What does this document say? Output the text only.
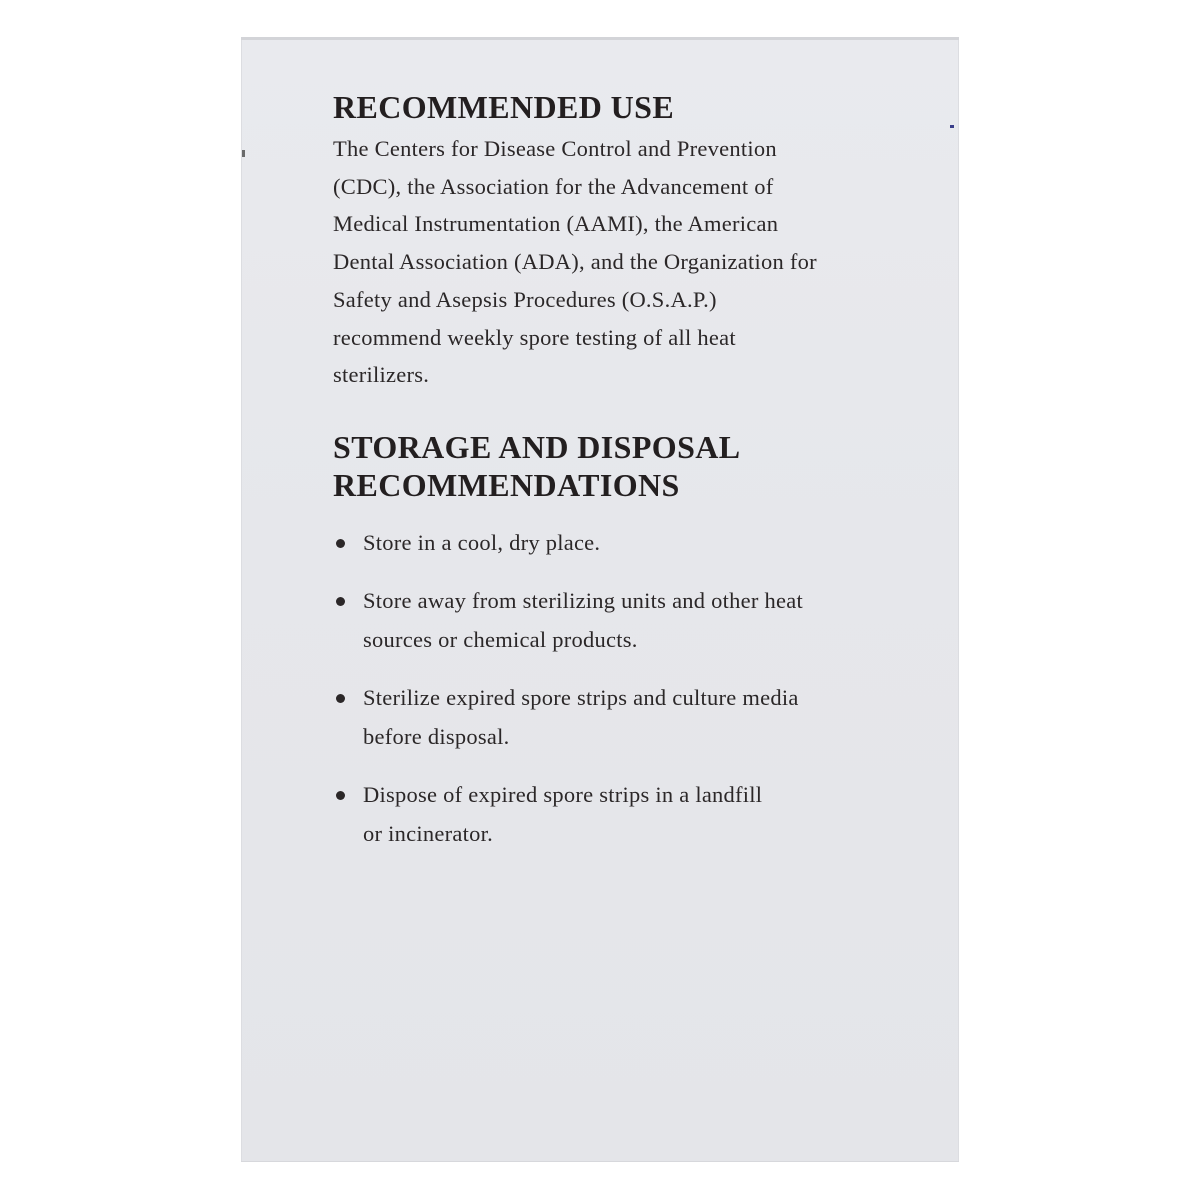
RECOMMENDED USE

The Centers for Disease Control and Prevention
(CDC), the Association for the Advancement of
Medical Instrumentation (AAMI), the American
Dental Association (ADA), and the Organization for
Safety and Asepsis Procedures (O.S.A.P.)
recommend weekly spore testing of all heat
sterilizers.

STORAGE AND DISPOSAL
RECOMMENDATIONS
Store in a cool, dry place.
Store away from sterilizing units and other heat
sources or chemical products.
Sterilize expired spore strips and culture media
before disposal.
Dispose of expired spore strips in a landfill
or incinerator.
